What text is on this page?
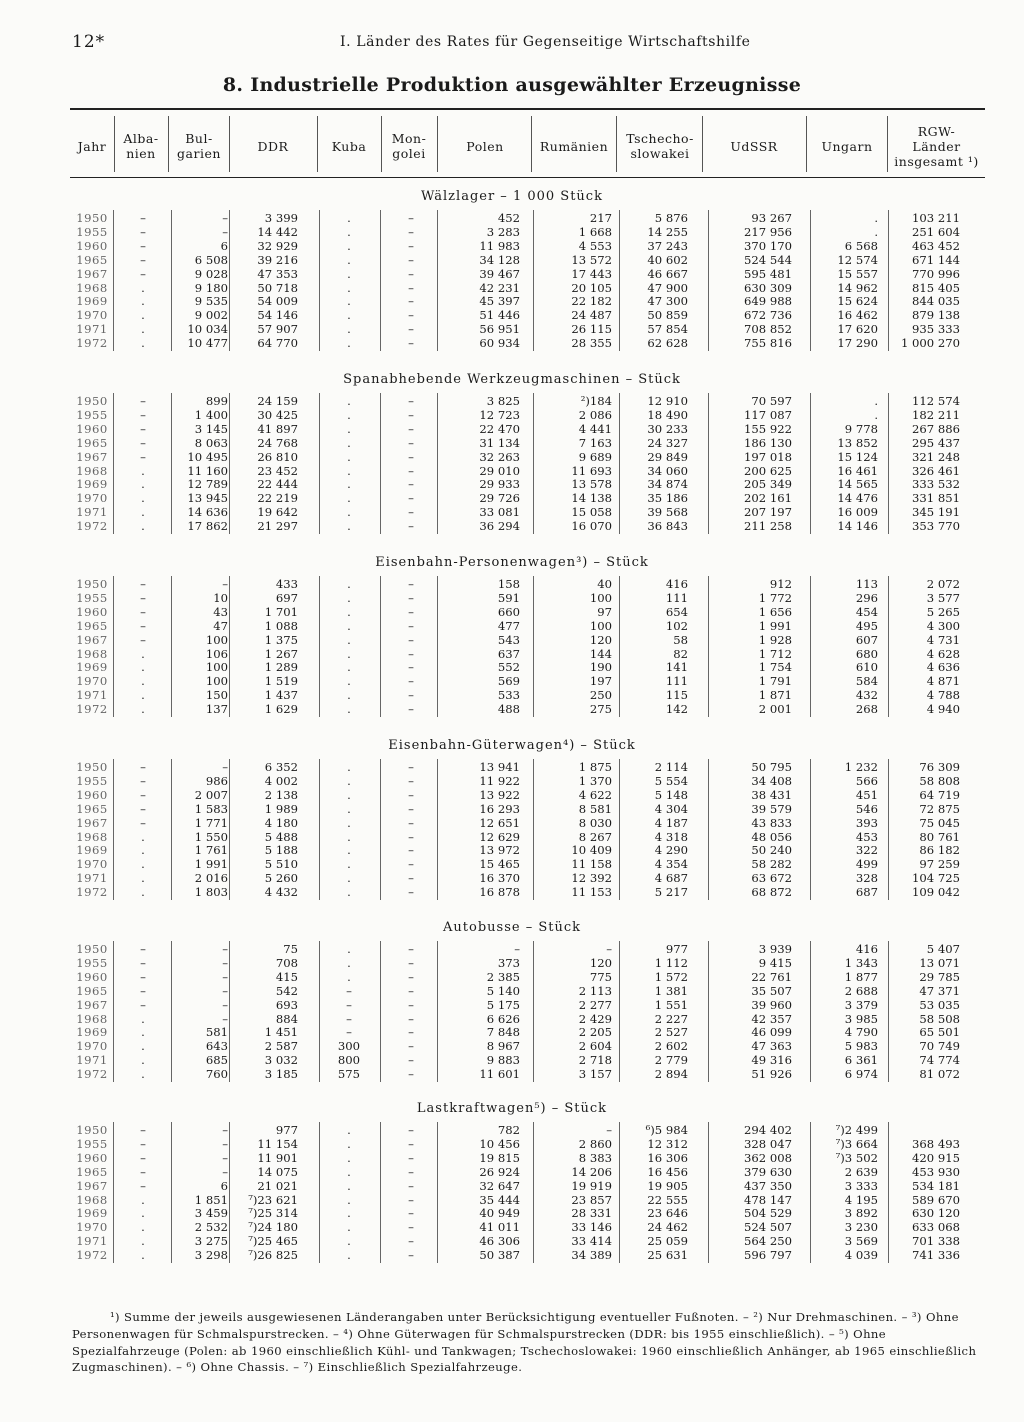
12*	I. Länder des Rates für Gegenseitige Wirtschaftshilfe
8. Industrielle Produktion ausgewählter Erzeugnisse
Jahr	Alba-
nien
Bul-
garien	DDR	Kuba	Mon-
golei	Polen	Rumänien	Tschecho-
slowakei	UdSSR	Ungarn
RGW-
Länder
insgesamt ¹)
Wälzlager – 1 000 Stück
1950	–	–	3 399	.	–	452	217	5 876	93 267	.	103 211
1955	–	–	14 442	.	–	3 283	1 668	14 255	217 956	.	251 604
1960	–	6	32 929	.	–	11 983	4 553	37 243	370 170	6 568	463 452
1965	–	6 508	39 216	.	–	34 128	13 572	40 602	524 544	12 574	671 144
1967	–	9 028	47 353	.	–	39 467	17 443	46 667	595 481	15 557	770 996
1968	.	9 180	50 718	.	–	42 231	20 105	47 900	630 309	14 962	815 405
1969	.	9 535	54 009	.	–	45 397	22 182	47 300	649 988	15 624	844 035
1970	.	9 002	54 146	.	–	51 446	24 487	50 859	672 736	16 462	879 138
1971	.	10 034	57 907	.	–	56 951	26 115	57 854	708 852	17 620	935 333
1972	.	10 477	64 770	.	–	60 934	28 355	62 628	755 816	17 290	1 000 270
Spanabhebende Werkzeugmaschinen – Stück
1950	–	899	24 159	.	–	3 825	²)184	12 910	70 597	.	112 574
1955	–	1 400	30 425	.	–	12 723	2 086	18 490	117 087	.	182 211
1960	–	3 145	41 897	.	–	22 470	4 441	30 233	155 922	9 778	267 886
1965	–	8 063	24 768	.	–	31 134	7 163	24 327	186 130	13 852	295 437
1967	–	10 495	26 810	.	–	32 263	9 689	29 849	197 018	15 124	321 248
1968	.	11 160	23 452	.	–	29 010	11 693	34 060	200 625	16 461	326 461
1969	.	12 789	22 444	.	–	29 933	13 578	34 874	205 349	14 565	333 532
1970	.	13 945	22 219	.	–	29 726	14 138	35 186	202 161	14 476	331 851
1971	.	14 636	19 642	.	–	33 081	15 058	39 568	207 197	16 009	345 191
1972	.	17 862	21 297	.	–	36 294	16 070	36 843	211 258	14 146	353 770
Eisenbahn-Personenwagen³) – Stück
1950	–	–	433	.	–	158	40	416	912	113	2 072
1955	–	10	697	.	–	591	100	111	1 772	296	3 577
1960	–	43	1 701	.	–	660	97	654	1 656	454	5 265
1965	–	47	1 088	.	–	477	100	102	1 991	495	4 300
1967	–	100	1 375	.	–	543	120	58	1 928	607	4 731
1968	.	106	1 267	.	–	637	144	82	1 712	680	4 628
1969	.	100	1 289	.	–	552	190	141	1 754	610	4 636
1970	.	100	1 519	.	–	569	197	111	1 791	584	4 871
1971	.	150	1 437	.	–	533	250	115	1 871	432	4 788
1972	.	137	1 629	.	–	488	275	142	2 001	268	4 940
Eisenbahn-Güterwagen⁴) – Stück
1950	–	–	6 352	.	–	13 941	1 875	2 114	50 795	1 232	76 309
1955	–	986	4 002	.	–	11 922	1 370	5 554	34 408	566	58 808
1960	–	2 007	2 138	.	–	13 922	4 622	5 148	38 431	451	64 719
1965	–	1 583	1 989	.	–	16 293	8 581	4 304	39 579	546	72 875
1967	–	1 771	4 180	.	–	12 651	8 030	4 187	43 833	393	75 045
1968	.	1 550	5 488	.	–	12 629	8 267	4 318	48 056	453	80 761
1969	.	1 761	5 188	.	–	13 972	10 409	4 290	50 240	322	86 182
1970	.	1 991	5 510	.	–	15 465	11 158	4 354	58 282	499	97 259
1971	.	2 016	5 260	.	–	16 370	12 392	4 687	63 672	328	104 725
1972	.	1 803	4 432	.	–	16 878	11 153	5 217	68 872	687	109 042
Autobusse – Stück
1950	–	–	75	.	–	–	–	977	3 939	416	5 407
1955	–	–	708	.	–	373	120	1 112	9 415	1 343	13 071
1960	–	–	415	.	–	2 385	775	1 572	22 761	1 877	29 785
1965	–	–	542	–	–	5 140	2 113	1 381	35 507	2 688	47 371
1967	–	–	693	–	–	5 175	2 277	1 551	39 960	3 379	53 035
1968	.	–	884	–	–	6 626	2 429	2 227	42 357	3 985	58 508
1969	.	581	1 451	–	–	7 848	2 205	2 527	46 099	4 790	65 501
1970	.	643	2 587	300	–	8 967	2 604	2 602	47 363	5 983	70 749
1971	.	685	3 032	800	–	9 883	2 718	2 779	49 316	6 361	74 774
1972	.	760	3 185	575	–	11 601	3 157	2 894	51 926	6 974	81 072
Lastkraftwagen⁵) – Stück
1950	–	–	977	.	–	782	–	⁶)5 984	294 402	⁷)2 499
1955	–	–	11 154	.	–	10 456	2 860	12 312	328 047	⁷)3 664	368 493
1960	–	–	11 901	.	–	19 815	8 383	16 306	362 008	⁷)3 502	420 915
1965	–	–	14 075	.	–	26 924	14 206	16 456	379 630	2 639	453 930
1967	–	6	21 021	.	–	32 647	19 919	19 905	437 350	3 333	534 181
1968	.	1 851	⁷)23 621	.	–	35 444	23 857	22 555	478 147	4 195	589 670
1969	.	3 459	⁷)25 314	.	–	40 949	28 331	23 646	504 529	3 892	630 120
1970	.	2 532	⁷)24 180	.	–	41 011	33 146	24 462	524 507	3 230	633 068
1971	.	3 275	⁷)25 465	.	–	46 306	33 414	25 059	564 250	3 569	701 338
1972	.	3 298	⁷)26 825	.	–	50 387	34 389	25 631	596 797	4 039	741 336

¹) Summe der jeweils ausgewiesenen Länderangaben unter Berücksichtigung eventueller Fußnoten. – ²) Nur Drehmaschinen. – ³) Ohne Personenwagen für Schmalspurstrecken. – ⁴) Ohne Güterwagen für Schmalspurstrecken (DDR: bis 1955 einschließlich). – ⁵) Ohne Spezialfahrzeuge (Polen: ab 1960 einschließlich Kühl- und Tankwagen; Tschechoslowakei: 1960 einschließlich Anhänger, ab 1965 einschließlich Zugmaschinen). – ⁶) Ohne Chassis. – ⁷) Einschließlich Spezialfahrzeuge.
